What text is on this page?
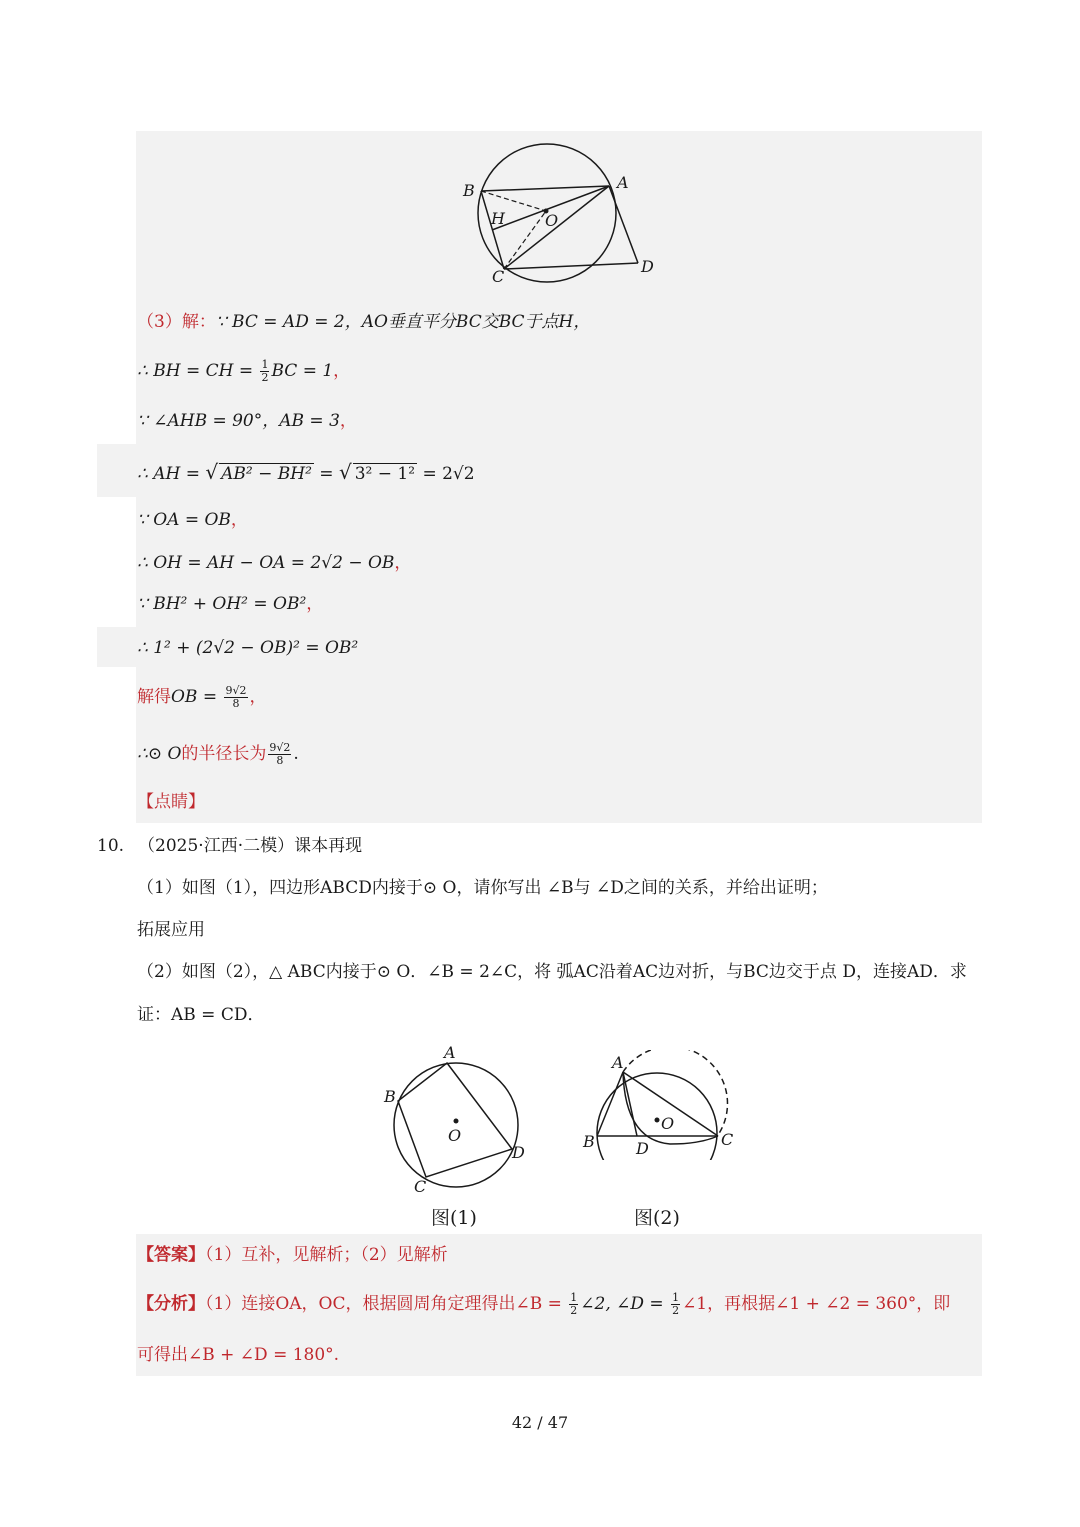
B	A
H	O
C
D
（3）解：∵ BC = AD = 2，AO垂直平分BC交BC于点H，
∴ BH = CH = $\frac{1}{2}$ BC = 1，
∵ ∠AHB = 90°，AB = 3，
∴ AH = √ AB² − BH² = √ 3² − 1² = 2√2
∵ OA = OB，
∴ OH = AH − OA = 2√2 − OB，
∵ BH² + OH² = OB²，
∴ 1² + (2√2 − OB)² = OB²
解得OB = $\frac{9√2}{8}$ ，
∴⊙ O的半径长为 $\frac{9√2}{8}$ .
【点睛】
10. （2025·江西·二模）课本再现
（1）如图（1），四边形ABCD内接于⊙ O，请你写出 ∠B与 ∠D之间的关系，并给出证明；
拓展应用
（2）如图（2），△ ABC内接于⊙ O．∠B = 2∠C，将 弧AC沿着AC边对折，与BC边交于点 D，连接AD．求
证：AB = CD．
A
B
O
D
C
A
B
O
D	C
图(1)	图(2)
【答案】（1）互补，见解析；（2）见解析
【分析】（1）连接OA，OC，根据圆周角定理得出∠B = $\frac{1}{2}$ ∠2, ∠D = $\frac{1}{2}$ ∠1，再根据∠1 + ∠2 = 360°，即
可得出∠B + ∠D = 180°.
42 / 47
